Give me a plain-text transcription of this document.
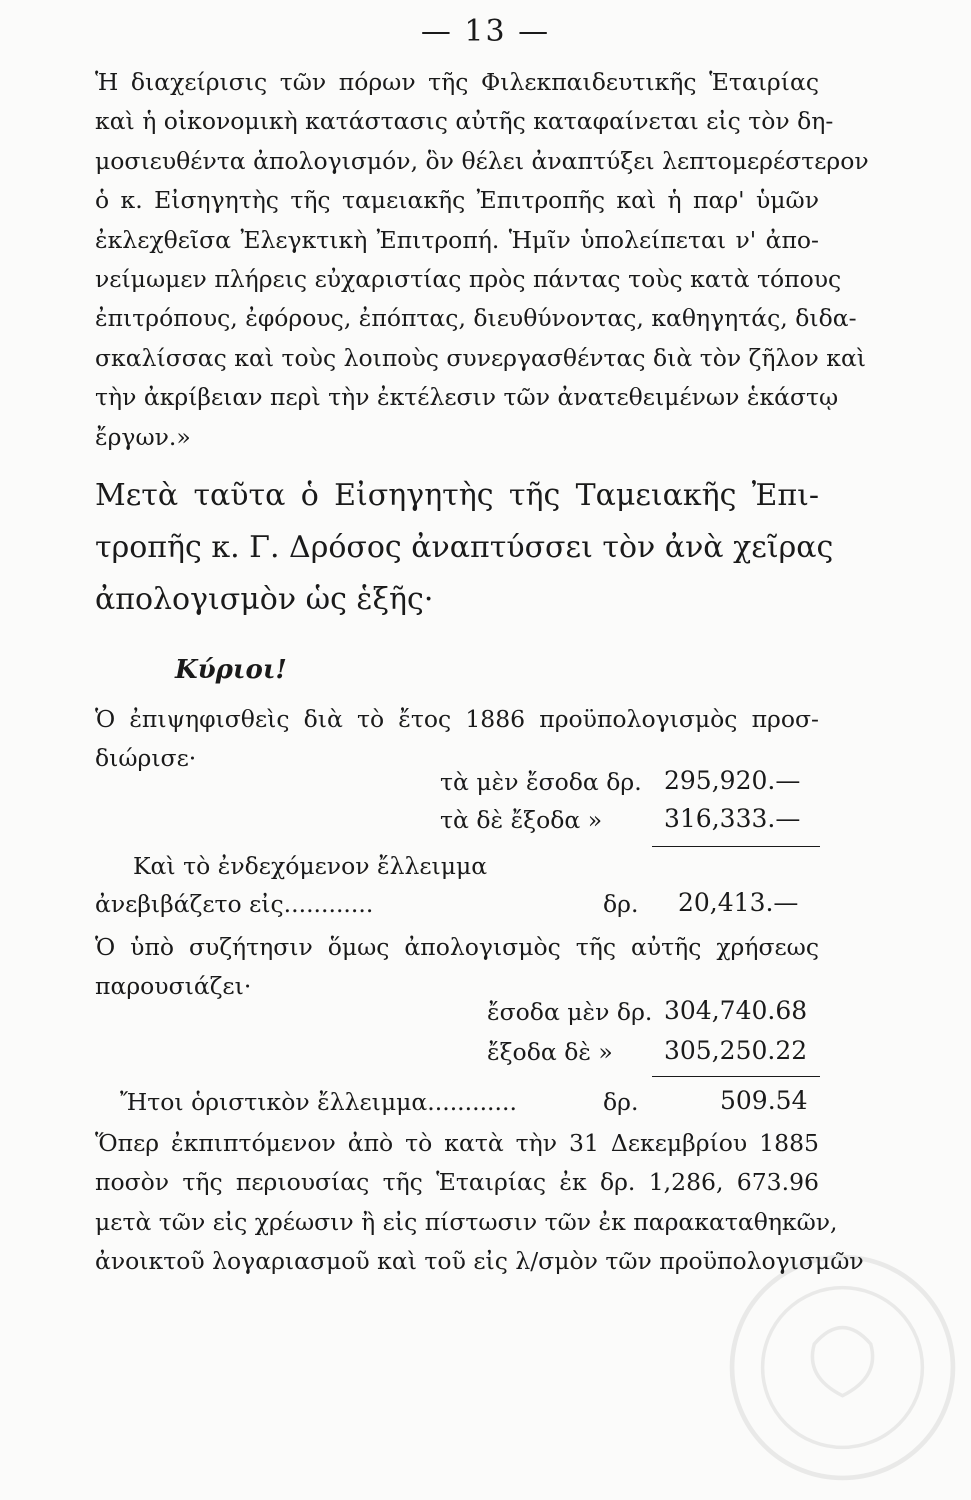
— 13 —
Ἡ διαχείρισις τῶν πόρων τῆς Φιλεκπαιδευτικῆς Ἑταιρίας
καὶ ἡ οἰκονομικὴ κατάστασις αὐτῆς καταφαίνεται εἰς τὸν δη-
μοσιευθέντα ἀπολογισμόν, ὃν θέλει ἀναπτύξει λεπτομερέστερον
ὁ κ. Εἰσηγητὴς τῆς ταμειακῆς Ἐπιτροπῆς καὶ ἡ παρ' ὑμῶν
ἐκλεχθεῖσα Ἐλεγκτικὴ Ἐπιτροπή. Ἡμῖν ὑπολείπεται ν' ἀπο-
νείμωμεν πλήρεις εὐχαριστίας πρὸς πάντας τοὺς κατὰ τόπους
ἐπιτρόπους, ἐφόρους, ἐπόπτας, διευθύνοντας, καθηγητάς, διδα-
σκαλίσσας καὶ τοὺς λοιποὺς συνεργασθέντας διὰ τὸν ζῆλον καὶ
τὴν ἀκρίβειαν περὶ τὴν ἐκτέλεσιν τῶν ἀνατεθειμένων ἑκάστῳ
ἔργων.»
Μετὰ ταῦτα ὁ Εἰσηγητὴς τῆς Ταμειακῆς Ἐπι-
τροπῆς κ. Γ. Δρόσος ἀναπτύσσει τὸν ἀνὰ χεῖρας
ἀπολογισμὸν ὡς ἑξῆς·
Κύριοι!
Ὁ ἐπιψηφισθεὶς διὰ τὸ ἔτος 1886 προϋπολογισμὸς προσ-
διώρισε·
τὰ μὲν ἔσοδα δρ. 295,920.—
τὰ δὲ ἔξοδα » 316,333.—
Καὶ τὸ ἐνδεχόμενον ἔλλειμμα
ἀνεβιβάζετο εἰς............	δρ. 20,413.—
Ὁ ὑπὸ συζήτησιν ὅμως ἀπολογισμὸς τῆς αὐτῆς χρήσεως
παρουσιάζει·
ἔσοδα μὲν δρ. 304,740.68
ἔξοδα δὲ » 305,250.22
Ἤτοι ὁριστικὸν ἔλλειμμα............	δρ.	509.54
Ὅπερ ἐκπιπτόμενον ἀπὸ τὸ κατὰ τὴν 31 Δεκεμβρίου 1885
ποσὸν τῆς περιουσίας τῆς Ἑταιρίας ἐκ δρ. 1,286, 673.96
μετὰ τῶν εἰς χρέωσιν ἢ εἰς πίστωσιν τῶν ἐκ παρακαταθηκῶν,
ἀνοικτοῦ λογαριασμοῦ καὶ τοῦ εἰς λ/σμὸν τῶν προϋπολογισμῶν
